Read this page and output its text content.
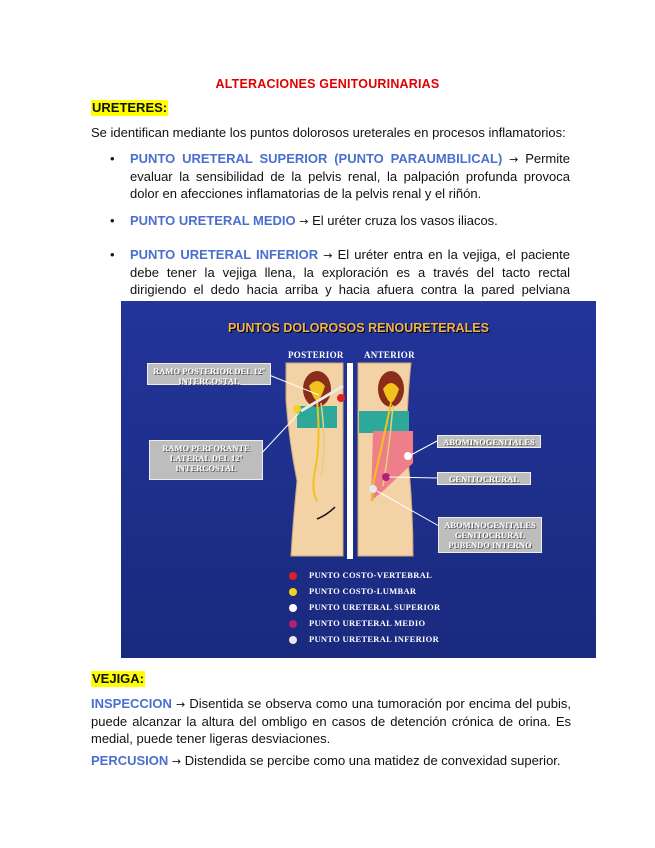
ALTERACIONES GENITOURINARIAS
URETERES:
Se identifican mediante los puntos dolorosos ureterales en procesos inflamatorios:
• PUNTO URETERAL SUPERIOR (PUNTO PARAUMBILICAL) → Permite evaluar la sensibilidad de la pelvis renal, la palpación profunda provoca dolor en afecciones inflamatorias de la pelvis renal y el riñón.
• PUNTO URETERAL MEDIO → El uréter cruza los vasos iliacos.
• PUNTO URETERAL INFERIOR → El uréter entra en la vejiga, el paciente debe tener la vejiga llena, la exploración es a través del tacto rectal dirigiendo el dedo hacia arriba y hacia afuera contra la pared pelviana
PUNTOS DOLOROSOS RENOURETERALES
POSTERIOR ANTERIOR
RAMO POSTERIOR DEL 12º INTERCOSTAL
RAMO PERFORANTE LATERAL DEL 12º INTERCOSTAL
ABOMINOGENITALES
GENITOCRURAL
ABOMINOGENITALES GENITOCRURAL PUBENDO INTERNO
PUNTO COSTO-VERTEBRAL
PUNTO COSTO-LUMBAR
PUNTO URETERAL SUPERIOR
PUNTO URETERAL MEDIO
PUNTO URETERAL INFERIOR
VEJIGA:
INSPECCION → Disentida se observa como una tumoración por encima del pubis, puede alcanzar la altura del ombligo en casos de detención crónica de orina. Es medial, puede tener ligeras desviaciones.
PERCUSION → Distendida se percibe como una matidez de convexidad superior.
